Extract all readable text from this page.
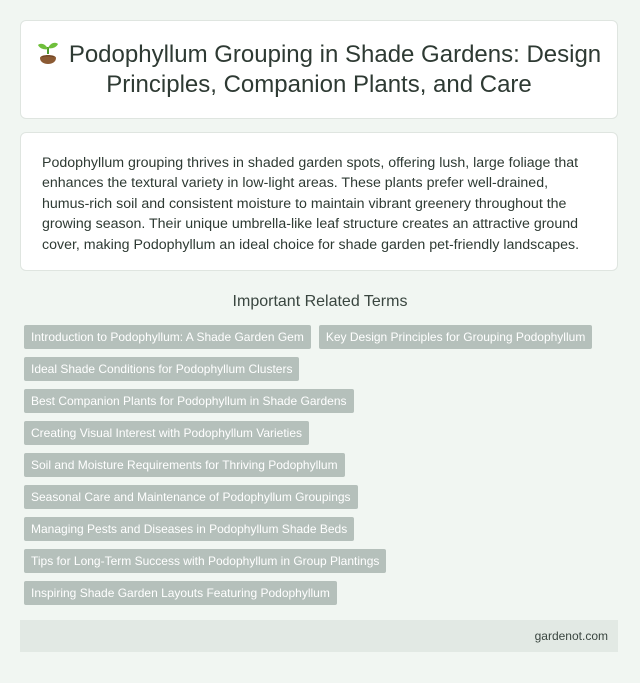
Podophyllum Grouping in Shade Gardens: Design Principles, Companion Plants, and Care

Podophyllum grouping thrives in shaded garden spots, offering lush, large foliage that enhances the textural variety in low-light areas. These plants prefer well-drained, humus-rich soil and consistent moisture to maintain vibrant greenery throughout the growing season. Their unique umbrella-like leaf structure creates an attractive ground cover, making Podophyllum an ideal choice for shade garden pet-friendly landscapes.

Important Related Terms
Introduction to Podophyllum: A Shade Garden Gem	Key Design Principles for Grouping Podophyllum
Ideal Shade Conditions for Podophyllum Clusters
Best Companion Plants for Podophyllum in Shade Gardens
Creating Visual Interest with Podophyllum Varieties
Soil and Moisture Requirements for Thriving Podophyllum
Seasonal Care and Maintenance of Podophyllum Groupings
Managing Pests and Diseases in Podophyllum Shade Beds
Tips for Long-Term Success with Podophyllum in Group Plantings
Inspiring Shade Garden Layouts Featuring Podophyllum
gardenot.com
